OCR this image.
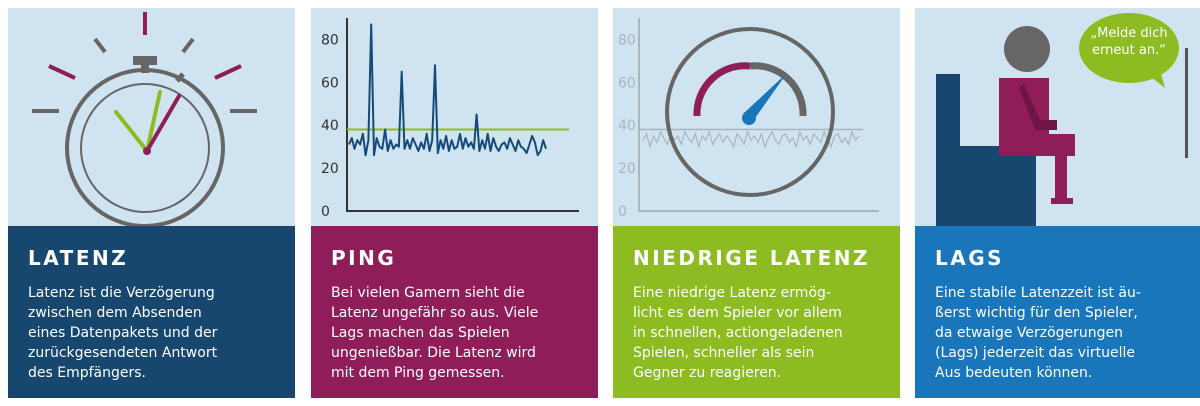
LATENZ
Latenz ist die Verzögerung
zwischen dem Absenden
eines Datenpakets und der
zurückgesendeten Antwort
des Empfängers.
0
20
40
60
80
PING
Bei vielen Gamern sieht die
Latenz ungefähr so aus. Viele
Lags machen das Spielen
ungenießbar. Die Latenz wird
mit dem Ping gemessen.
0
20
40
60
80
NIEDRIGE LATENZ
Eine niedrige Latenz ermög-
licht es dem Spieler vor allem
in schnellen, actiongeladenen
Spielen, schneller als sein
Gegner zu reagieren.
„Melde dich
erneut an.“
LAGS
Eine stabile Latenzzeit ist äu-
ßerst wichtig für den Spieler,
da etwaige Verzögerungen
(Lags) jederzeit das virtuelle
Aus bedeuten können.
